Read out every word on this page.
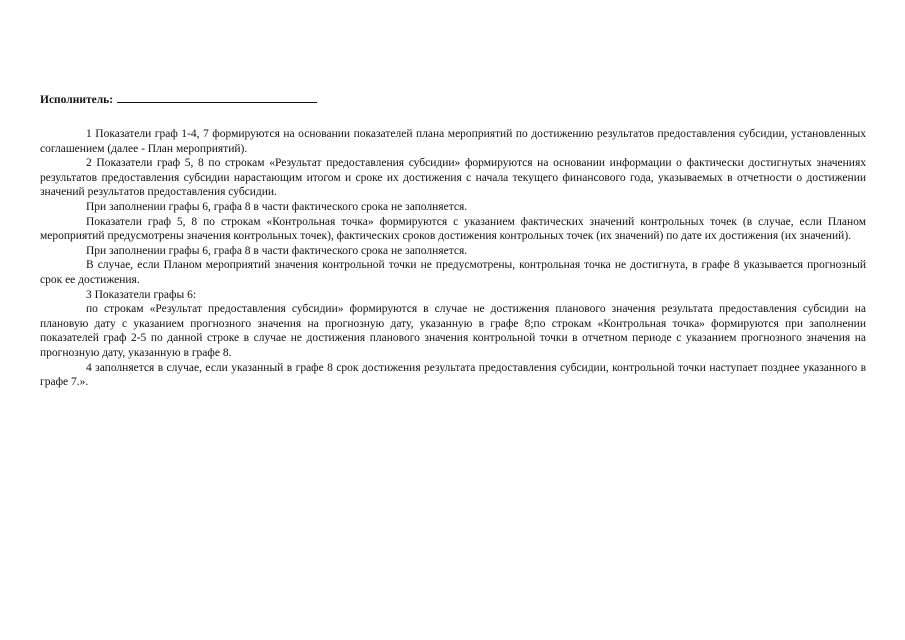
Исполнитель:

1 Показатели граф 1-4, 7 формируются на основании показателей плана мероприятий по достижению результатов предоставления субсидии, установленных соглашением (далее - План мероприятий).

2 Показатели граф 5, 8 по строкам «Результат предоставления субсидии» формируются на основании информации о фактически достигнутых значениях результатов предоставления субсидии нарастающим итогом и сроке их достижения с начала текущего финансового года, указываемых в отчетности о достижении значений результатов предоставления субсидии.

При заполнении графы 6, графа 8 в части фактического срока не заполняется.

Показатели граф 5, 8 по строкам «Контрольная точка» формируются с указанием фактических значений контрольных точек (в случае, если Планом мероприятий предусмотрены значения контрольных точек), фактических сроков достижения контрольных точек (их значений) по дате их достижения (их значений).

При заполнении графы 6, графа 8 в части фактического срока не заполняется.

В случае, если Планом мероприятий значения контрольной точки не предусмотрены, контрольная точка не достигнута, в графе 8 указывается прогнозный срок ее достижения.

3 Показатели графы 6:

по строкам «Результат предоставления субсидии» формируются в случае не достижения планового значения результата предоставления субсидии на плановую дату с указанием прогнозного значения на прогнозную дату, указанную в графе 8;по строкам «Контрольная точка» формируются при заполнении показателей граф 2-5 по данной строке в случае не достижения планового значения контрольной точки в отчетном периоде с указанием прогнозного значения на прогнозную дату, указанную в графе 8.

4 заполняется в случае, если указанный в графе 8 срок достижения результата предоставления субсидии, контрольной точки наступает позднее указанного в графе 7.».
